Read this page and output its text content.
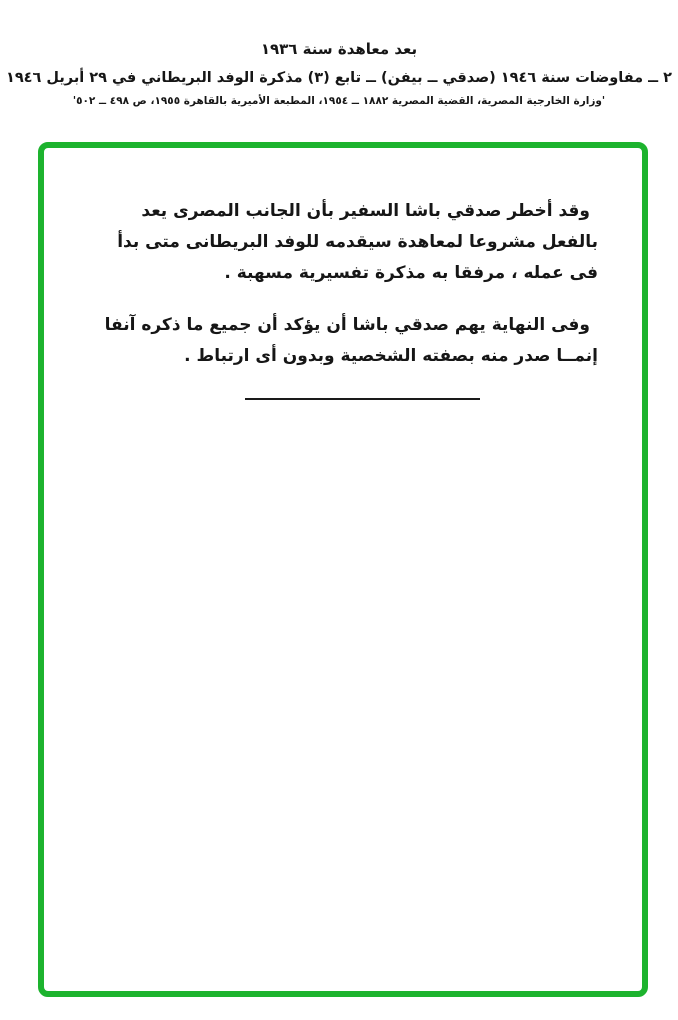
بعد معاهدة سنة ١٩٣٦
٢ ــ مفاوضات سنة ١٩٤٦ (صدقي ــ بيفن) ــ تابع (٣) مذكرة الوفد البريطاني في ٢٩ أبريل ١٩٤٦
'وزارة الخارجية المصرية، القضية المصرية ١٨٨٢ ــ ١٩٥٤، المطبعة الأميرية بالقاهرة ١٩٥٥، ص ٤٩٨ ــ ٥٠٢'

وقد أخطر صدقي باشا السفير بأن الجانب المصرى يعد بالفعل مشروعا لمعاهدة سيقدمه للوفد البريطانى متى بدأ فى عمله ، مرفقا به مذكرة تفسيرية مسهبة .

وفى النهاية يهم صدقي باشا أن يؤكد أن جميع ما ذكره آنفا إنمــا صدر منه بصفته الشخصية وبدون أى ارتباط .
